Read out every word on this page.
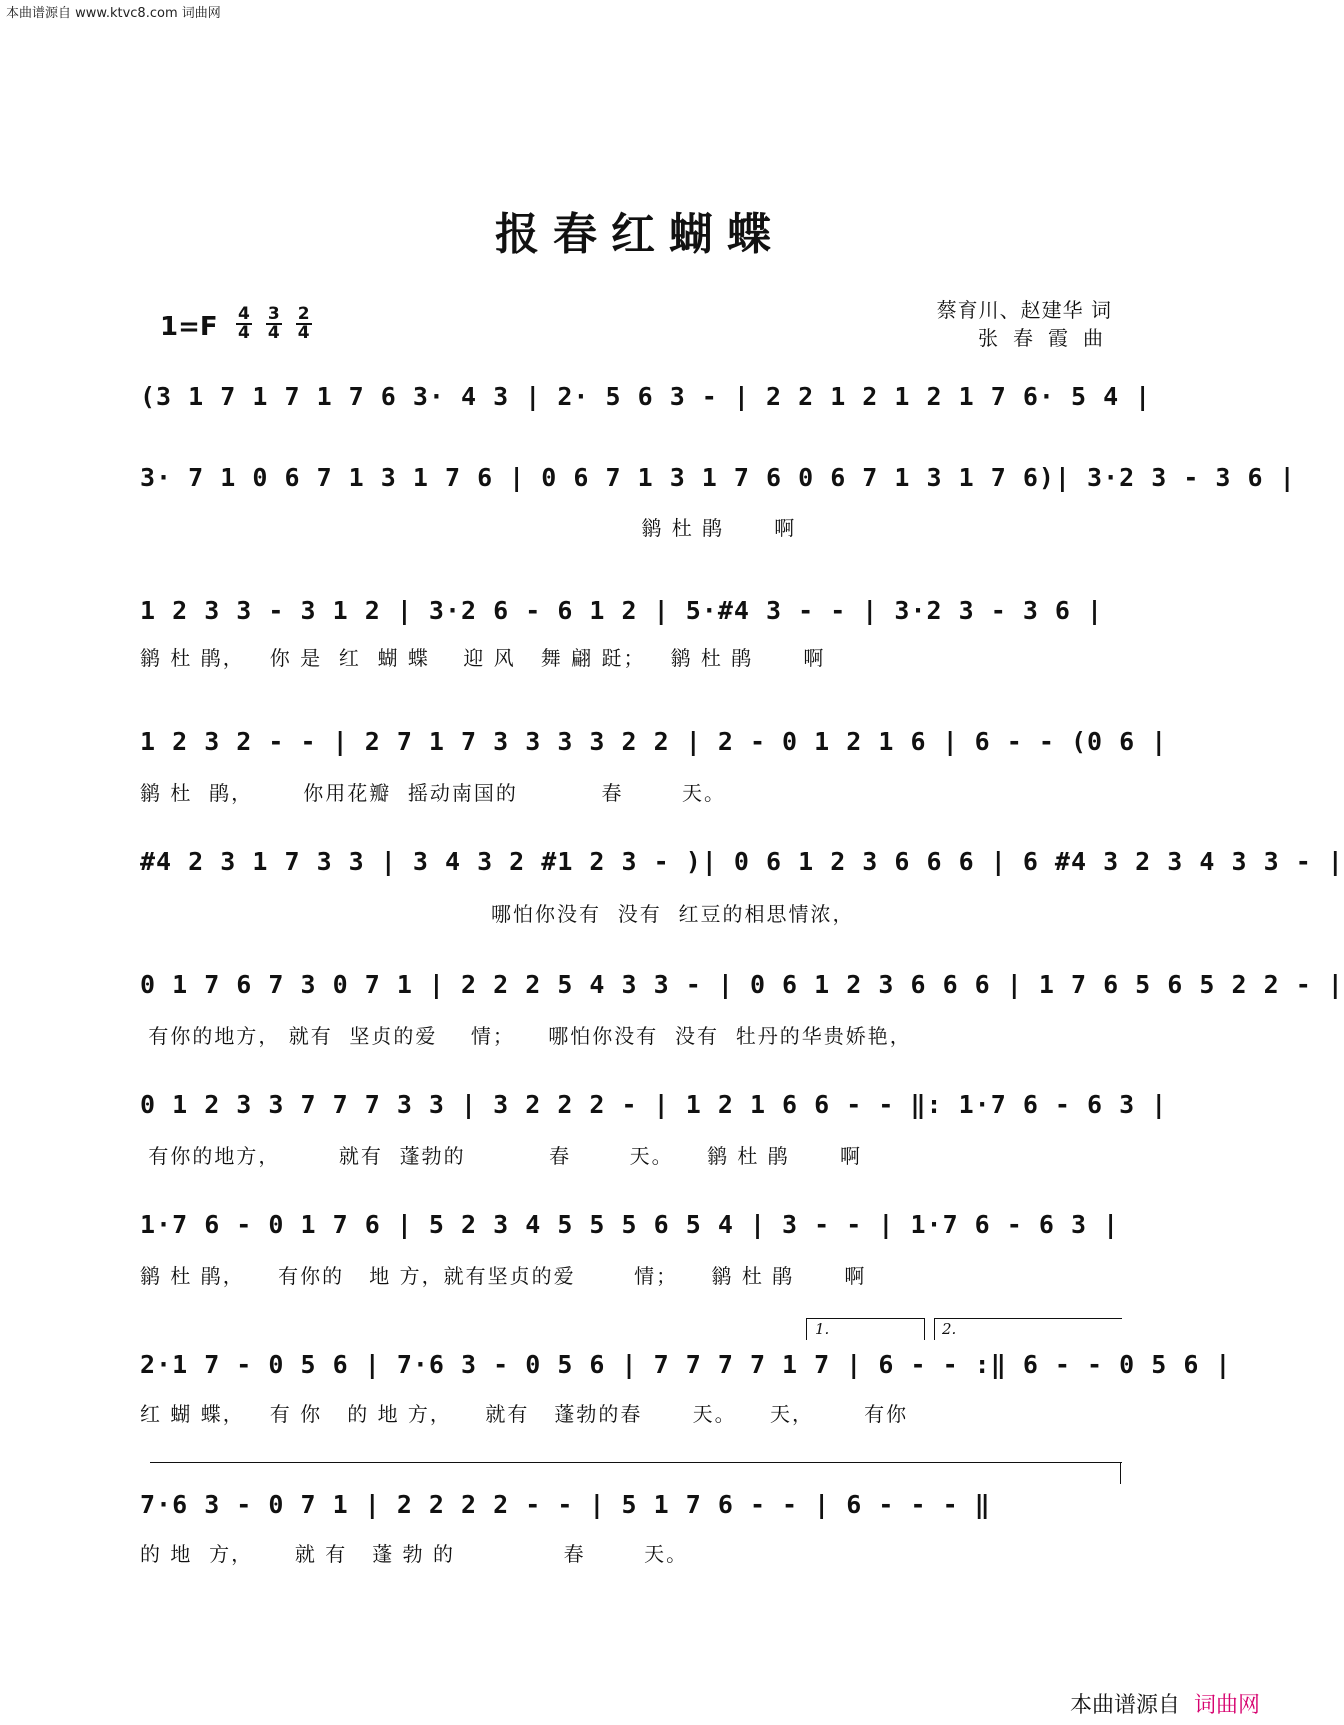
本曲谱源自 www.ktvc8.com 词曲网
报春红蝴蝶
$1=F \frac{4}{4} \frac{3}{4} \frac{2}{4}$	蔡育川、赵建华 词
张春霞曲
(3 1 7 1 7 1 7 6 3· 4 3 | 2· 5 6 3 - | 2 2 1 2 1 2 1 7 6· 5 4 |
3· 7 1 0 6 7 1 3 1 7 6 | 0 6 7 1 3 1 7 6 0 6 7 1 3 1 7 6)| 3·2 3 - 3 6 |
鹟 杜 鹃      啊
1 2 3 3 - 3 1 2 | 3·2 6 - 6 1 2 | 5·#4 3 - - | 3·2 3 - 3 6 |
鹟 杜 鹃，   你 是  红  蝴 蝶    迎 风   舞 翩 跹；   鹟 杜 鹃      啊
1 2 3 2 - - | 2 7 1 7 3 3 3 3 2 2 | 2 - 0 1 2 1 6 | 6 - - (0 6 |
鹟 杜  鹃，      你用花瓣  摇动南国的          春       天。
#4 2 3 1 7 3 3 | 3 4 3 2 #1 2 3 - )| 0 6 1 2 3 6 6 6 | 6 #4 3 2 3 4 3 3 - |
哪怕你没有  没有  红豆的相思情浓，
0 1 7 6 7 3 0 7 1 | 2 2 2 5 4 3 3 - | 0 6 1 2 3 6 6 6 | 1 7 6 5 6 5 2 2 - |
有你的地方， 就有  坚贞的爱    情；    哪怕你没有  没有  牡丹的华贵娇艳，
0 1 2 3 3 7 7 7 3 3 | 3 2 2 2 - | 1 2 1 6 6 - - ‖: 1·7 6 - 6 3 |
有你的地方，       就有  蓬勃的          春       天。    鹟 杜 鹃      啊
1·7 6 - 0 1 7 6 | 5 2 3 4 5 5 5 6 5 4 | 3 - - | 1·7 6 - 6 3 |
鹟 杜 鹃，    有你的   地 方，就有坚贞的爱       情；    鹟 杜 鹃      啊
1.	2.
2·1 7 - 0 5 6 | 7·6 3 - 0 5 6 | 7 7 7 7 1 7 | 6 - - :‖ 6 - - 0 5 6 |
红 蝴 蝶，   有 你   的 地 方，    就有   蓬勃的春      天。    天，      有你
7·6 3 - 0 7 1 | 2 2 2 2 - - | 5 1 7 6 - - | 6 - - - ‖
的 地  方，     就 有   蓬 勃 的             春       天。
本曲谱源自 词曲网
